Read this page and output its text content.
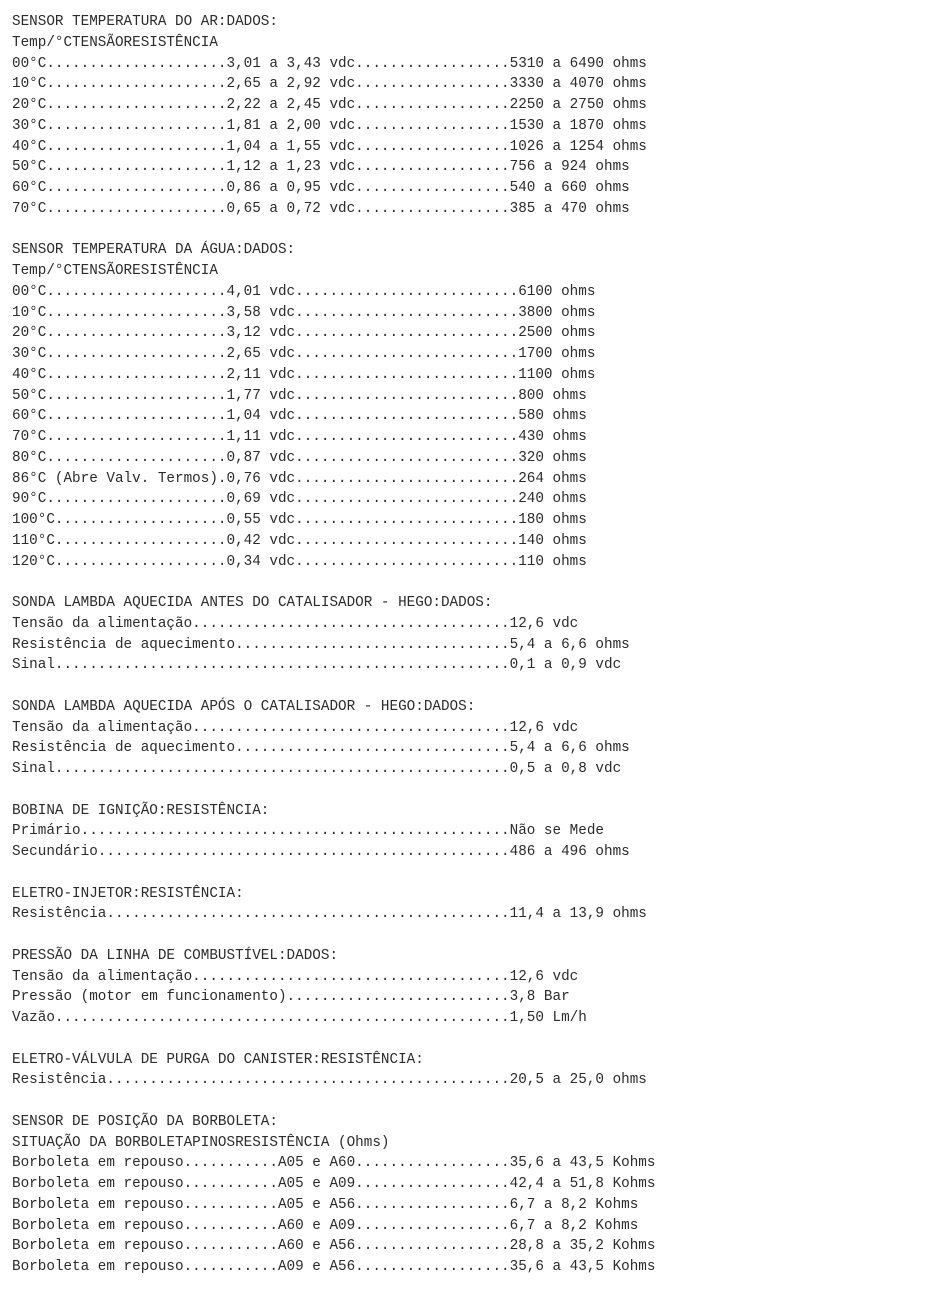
SENSOR TEMPERATURA DO AR:DADOS:
Temp/°CTENSÃORESISTÊNCIA
00°C.....................3,01 a 3,43 vdc..................5310 a 6490 ohms
10°C.....................2,65 a 2,92 vdc..................3330 a 4070 ohms
20°C.....................2,22 a 2,45 vdc..................2250 a 2750 ohms
30°C.....................1,81 a 2,00 vdc..................1530 a 1870 ohms
40°C.....................1,04 a 1,55 vdc..................1026 a 1254 ohms
50°C.....................1,12 a 1,23 vdc..................756 a 924 ohms
60°C.....................0,86 a 0,95 vdc..................540 a 660 ohms
70°C.....................0,65 a 0,72 vdc..................385 a 470 ohms
SENSOR TEMPERATURA DA ÁGUA:DADOS:
Temp/°CTENSÃORESISTÊNCIA
00°C.....................4,01 vdc..........................6100 ohms
10°C.....................3,58 vdc..........................3800 ohms
20°C.....................3,12 vdc..........................2500 ohms
30°C.....................2,65 vdc..........................1700 ohms
40°C.....................2,11 vdc..........................1100 ohms
50°C.....................1,77 vdc..........................800 ohms
60°C.....................1,04 vdc..........................580 ohms
70°C.....................1,11 vdc..........................430 ohms
80°C.....................0,87 vdc..........................320 ohms
86°C (Abre Valv. Termos).0,76 vdc..........................264 ohms
90°C.....................0,69 vdc..........................240 ohms
100°C....................0,55 vdc..........................180 ohms
110°C....................0,42 vdc..........................140 ohms
120°C....................0,34 vdc..........................110 ohms
SONDA LAMBDA AQUECIDA ANTES DO CATALISADOR - HEGO:DADOS:
Tensão da alimentação.....................................12,6 vdc
Resistência de aquecimento................................5,4 a 6,6 ohms
Sinal.....................................................0,1 a 0,9 vdc
SONDA LAMBDA AQUECIDA APÓS O CATALISADOR - HEGO:DADOS:
Tensão da alimentação.....................................12,6 vdc
Resistência de aquecimento................................5,4 a 6,6 ohms
Sinal.....................................................0,5 a 0,8 vdc
BOBINA DE IGNIÇÃO:RESISTÊNCIA:
Primário..................................................Não se Mede
Secundário................................................486 a 496 ohms
ELETRO-INJETOR:RESISTÊNCIA:
Resistência...............................................11,4 a 13,9 ohms
PRESSÃO DA LINHA DE COMBUSTÍVEL:DADOS:
Tensão da alimentação.....................................12,6 vdc
Pressão (motor em funcionamento)..........................3,8 Bar
Vazão.....................................................1,50 Lm/h
ELETRO-VÁLVULA DE PURGA DO CANISTER:RESISTÊNCIA:
Resistência...............................................20,5 a 25,0 ohms
SENSOR DE POSIÇÃO DA BORBOLETA:
SITUAÇÃO DA BORBOLETAPINOSRESISTÊNCIA (Ohms)
Borboleta em repouso...........A05 e A60..................35,6 a 43,5 Kohms
Borboleta em repouso...........A05 e A09..................42,4 a 51,8 Kohms
Borboleta em repouso...........A05 e A56..................6,7 a 8,2 Kohms
Borboleta em repouso...........A60 e A09..................6,7 a 8,2 Kohms
Borboleta em repouso...........A60 e A56..................28,8 a 35,2 Kohms
Borboleta em repouso...........A09 e A56..................35,6 a 43,5 Kohms
